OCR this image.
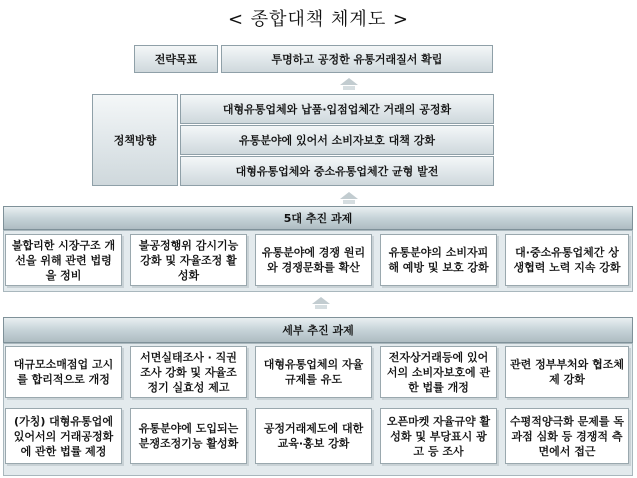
< 종합대책 체계도 >
전략목표	투명하고 공정한 유통거래질서 확립
정책방향
대형유통업체와 납품·입점업체간 거래의 공정화
유통분야에 있어서 소비자보호 대책 강화
대형유통업체와 중소유통업체간 균형 발전
5대 추진 과제
불합리한 시장구조 개선을 위해 관련 법령을 정비
불공정행위 감시기능 강화 및 자율조정 활성화
유통분야에 경쟁 원리와 경쟁문화를 확산
유통분야의 소비자피해 예방 및 보호 강화
대·중소유통업체간 상생협력 노력 지속 강화
세부 추진 과제
대규모소매점업 고시를 합리적으로 개정
서면실태조사 · 직권조사 강화 및 자율조정기 실효성 제고
대형유통업체의 자율규제를 유도
전자상거래등에 있어서의 소비자보호에 관한 법률 개정
관련 정부부처와 협조체제 강화
(가칭) 대형유통업에 있어서의 거래공정화에 관한 법률 제정
유통분야에 도입되는 분쟁조정기능 활성화
공정거래제도에 대한 교육·홍보 강화
오픈마켓 자율규약 활성화 및 부당표시 광고 등 조사
수평적양극화 문제를 독과점 심화 등 경쟁적 측면에서 접근
